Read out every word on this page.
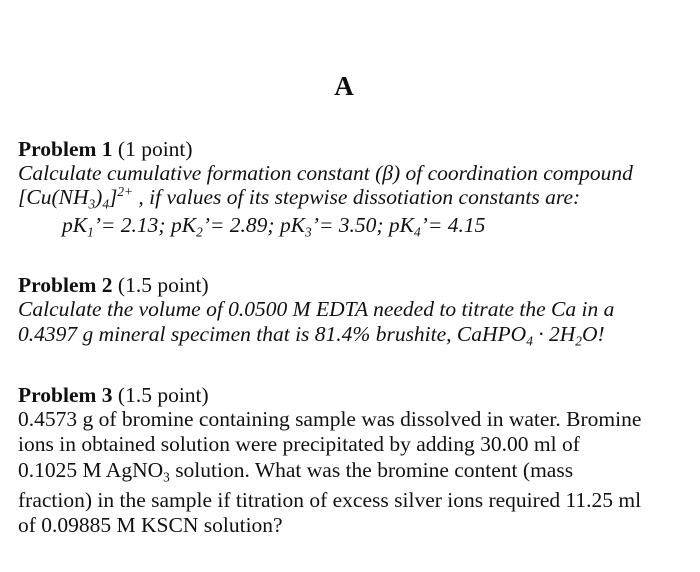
A
Problem 1 (1 point)
Calculate cumulative formation constant (β) of coordination compound
$[Cu(NH_3)_4]^{2+}$ , if values of its stepwise dissotiation constants are:
$pK_1’= 2.13$; $pK_2’= 2.89$; $pK_3’= 3.50$; $pK_4’= 4.15$
Problem 2 (1.5 point)
Calculate the volume of 0.0500 M EDTA needed to titrate the Ca in a
0.4397 g mineral specimen that is 81.4% brushite, CaHPO$_4$ · $2H_2O$!
Problem 3 (1.5 point)
0.4573 g of bromine containing sample was dissolved in water. Bromine
ions in obtained solution were precipitated by adding 30.00 ml of
0.1025 M AgNO$_3$ solution. What was the bromine content (mass
fraction) in the sample if titration of excess silver ions required 11.25 ml
of 0.09885 M KSCN solution?
